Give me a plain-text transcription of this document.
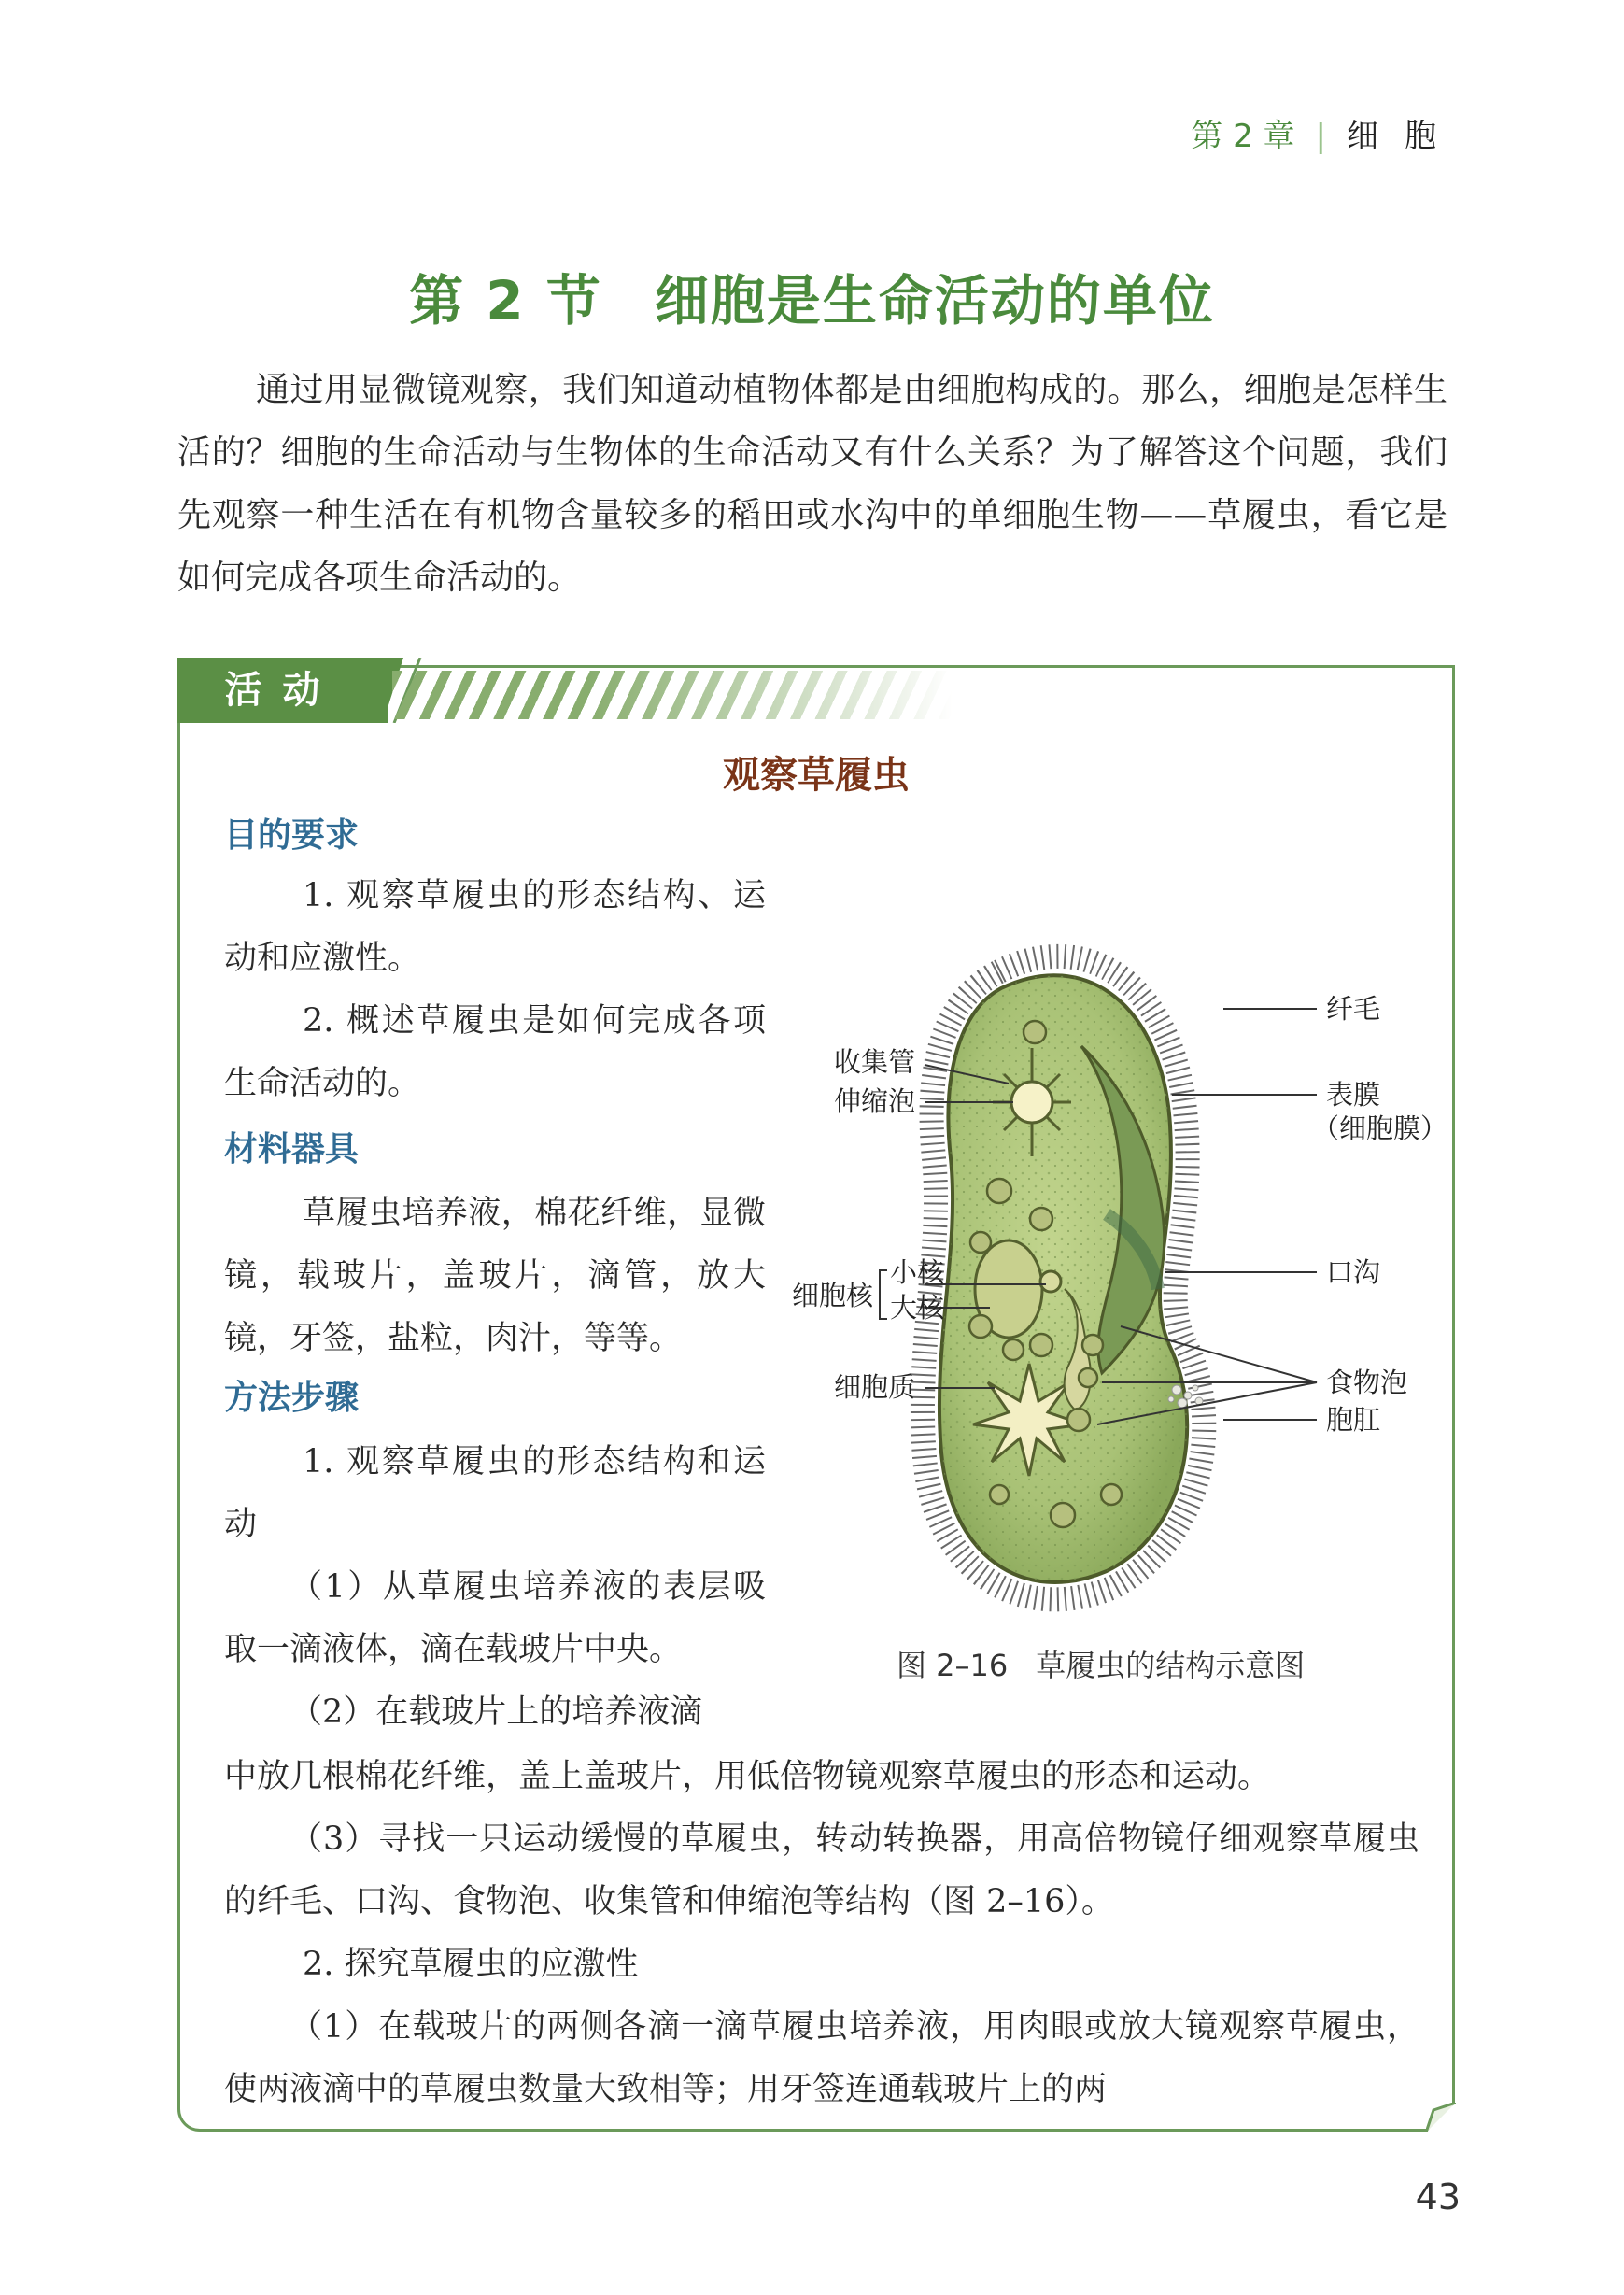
第 2 章 | 细胞
第 2 节 细胞是生命活动的单位
通过用显微镜观察，我们知道动植物体都是由细胞构成的。那么，细胞是怎样生活的？细胞的生命活动与生物体的生命活动又有什么关系？为了解答这个问题，我们先观察一种生活在有机物含量较多的稻田或水沟中的单细胞生物——草履虫，看它是如何完成各项生命活动的。
活动
观察草履虫
目的要求
1. 观察草履虫的形态结构、运动和应激性。
2. 概述草履虫是如何完成各项生命活动的。
材料器具
草履虫培养液，棉花纤维，显微镜，载玻片，盖玻片，滴管，放大镜，牙签，盐粒，肉汁，等等。
方法步骤
1. 观察草履虫的形态结构和运动
（1）从草履虫培养液的表层吸取一滴液体，滴在载玻片中央。
（2）在载玻片上的培养液滴
中放几根棉花纤维，盖上盖玻片，用低倍物镜观察草履虫的形态和运动。
（3）寻找一只运动缓慢的草履虫，转动转换器，用高倍物镜仔细观察草履虫的纤毛、口沟、食物泡、收集管和伸缩泡等结构（图 2–16）。
2. 探究草履虫的应激性
（1）在载玻片的两侧各滴一滴草履虫培养液，用肉眼或放大镜观察草履虫，使两液滴中的草履虫数量大致相等；用牙签连通载玻片上的两
纤毛
收集管
伸缩泡	表膜
（细胞膜）
口沟
细胞核
小核
大核
食物泡
细胞质
胞肛
图 2–16 草履虫的结构示意图
43
